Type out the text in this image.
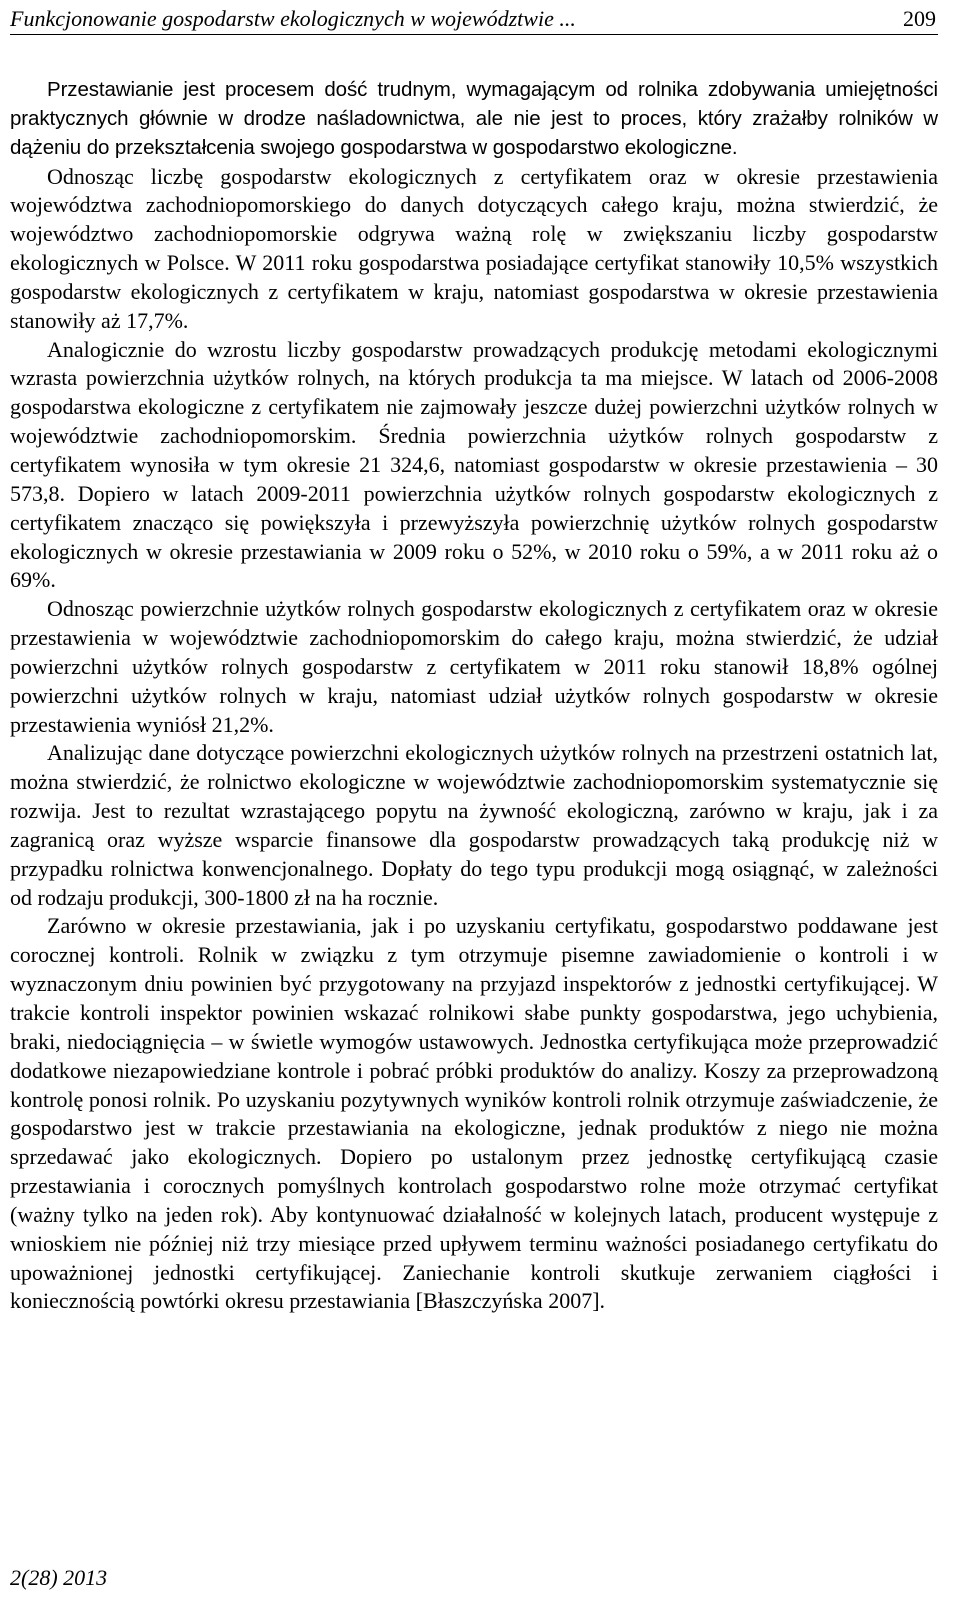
Funkcjonowanie gospodarstw ekologicznych w województwie ...	209

Przestawianie jest procesem dość trudnym, wymagającym od rolnika zdobywania umiejętności praktycznych głównie w drodze naśladownictwa, ale nie jest to proces, który zrażałby rolników w dążeniu do przekształcenia swojego gospodarstwa w gospodarstwo ekologiczne.

Odnosząc liczbę gospodarstw ekologicznych z certyfikatem oraz w okresie przestawienia województwa zachodniopomorskiego do danych dotyczących całego kraju, można stwierdzić, że województwo zachodniopomorskie odgrywa ważną rolę w zwiększaniu liczby gospodarstw ekologicznych w Polsce. W 2011 roku gospodarstwa posiadające certyfikat stanowiły 10,5% wszystkich gospodarstw ekologicznych z certyfikatem w kraju, natomiast gospodarstwa w okresie przestawienia stanowiły aż 17,7%.

Analogicznie do wzrostu liczby gospodarstw prowadzących produkcję metodami ekologicznymi wzrasta powierzchnia użytków rolnych, na których produkcja ta ma miejsce. W latach od 2006-2008 gospodarstwa ekologiczne z certyfikatem nie zajmowały jeszcze dużej powierzchni użytków rolnych w województwie zachodniopomorskim. Średnia powierzchnia użytków rolnych gospodarstw z certyfikatem wynosiła w tym okresie 21 324,6, natomiast gospodarstw w okresie przestawienia – 30 573,8. Dopiero w latach 2009-2011 powierzchnia użytków rolnych gospodarstw ekologicznych z certyfikatem znacząco się powiększyła i przewyższyła powierzchnię użytków rolnych gospodarstw ekologicznych w okresie przestawiania w 2009 roku o 52%, w 2010 roku o 59%, a w 2011 roku aż o 69%.

Odnosząc powierzchnie użytków rolnych gospodarstw ekologicznych z certyfikatem oraz w okresie przestawienia w województwie zachodniopomorskim do całego kraju, można stwierdzić, że udział powierzchni użytków rolnych gospodarstw z certyfikatem w 2011 roku stanowił 18,8% ogólnej powierzchni użytków rolnych w kraju, natomiast udział użytków rolnych gospodarstw w okresie przestawienia wyniósł 21,2%.

Analizując dane dotyczące powierzchni ekologicznych użytków rolnych na przestrzeni ostatnich lat, można stwierdzić, że rolnictwo ekologiczne w województwie zachodniopomorskim systematycznie się rozwija. Jest to rezultat wzrastającego popytu na żywność ekologiczną, zarówno w kraju, jak i za zagranicą oraz wyższe wsparcie finansowe dla gospodarstw prowadzących taką produkcję niż w przypadku rolnictwa konwencjonalnego. Dopłaty do tego typu produkcji mogą osiągnąć, w zależności od rodzaju produkcji, 300-1800 zł na ha rocznie.

Zarówno w okresie przestawiania, jak i po uzyskaniu certyfikatu, gospodarstwo poddawane jest corocznej kontroli. Rolnik w związku z tym otrzymuje pisemne zawiadomienie o kontroli i w wyznaczonym dniu powinien być przygotowany na przyjazd inspektorów z jednostki certyfikującej. W trakcie kontroli inspektor powinien wskazać rolnikowi słabe punkty gospodarstwa, jego uchybienia, braki, niedociągnięcia – w świetle wymogów ustawowych. Jednostka certyfikująca może przeprowadzić dodatkowe niezapowiedziane kontrole i pobrać próbki produktów do analizy. Koszy za przeprowadzoną kontrolę ponosi rolnik. Po uzyskaniu pozytywnych wyników kontroli rolnik otrzymuje zaświadczenie, że gospodarstwo jest w trakcie przestawiania na ekologiczne, jednak produktów z niego nie można sprzedawać jako ekologicznych. Dopiero po ustalonym przez jednostkę certyfikującą czasie przestawiania i corocznych pomyślnych kontrolach gospodarstwo rolne może otrzymać certyfikat (ważny tylko na jeden rok). Aby kontynuować działalność w kolejnych latach, producent występuje z wnioskiem nie później niż trzy miesiące przed upływem terminu ważności posiadanego certyfikatu do upoważnionej jednostki certyfikującej. Zaniechanie kontroli skutkuje zerwaniem ciągłości i koniecznością powtórki okresu przestawiania [Błaszczyńska 2007].

2(28) 2013
